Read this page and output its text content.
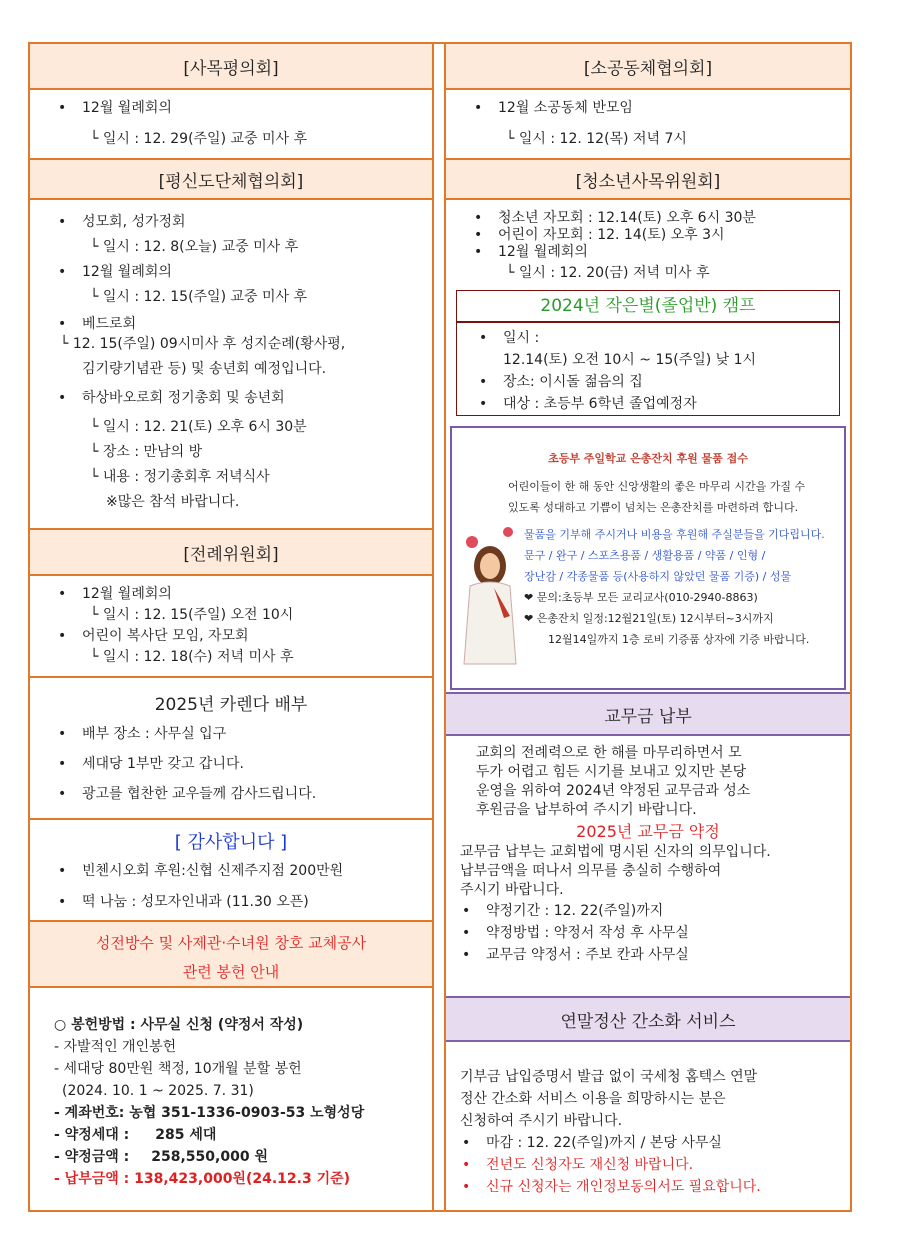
[사목평의회]
• 12월 월례회의
└ 일시 : 12. 29(주일) 교중 미사 후
[평신도단체협의회]
• 성모회, 성가정회
└ 일시 : 12. 8(오늘) 교중 미사 후
• 12월 월례회의
└ 일시 : 12. 15(주일) 교중 미사 후
• 베드로회
└ 12. 15(주일) 09시미사 후 성지순례(황사평,
김기량기념관 등) 및 송년회 예정입니다.
• 하상바오로회 정기총회 및 송년회
└ 일시 : 12. 21(토) 오후 6시 30분
└ 장소 : 만남의 방
└ 내용 : 정기총회후 저녁식사
※많은 참석 바랍니다.
[전례위원회]
• 12월 월례회의
└ 일시 : 12. 15(주일) 오전 10시
• 어린이 복사단 모임, 자모회
└ 일시 : 12. 18(수) 저녁 미사 후
2025년 카렌다 배부
• 배부 장소 : 사무실 입구
• 세대당 1부만 갖고 갑니다.
• 광고를 협찬한 교우들께 감사드립니다.
[ 감사합니다 ]
• 빈첸시오회 후원:신협 신제주지점 200만원
• 떡 나눔 : 성모자인내과 (11.30 오픈)
성전방수 및 사제관·수녀원 창호 교체공사
관련 봉헌 안내
○ 봉헌방법 : 사무실 신청 (약정서 작성)
- 자발적인 개인봉헌
- 세대당 80만원 책정, 10개월 분할 봉헌
(2024. 10. 1 ~ 2025. 7. 31)
- 계좌번호: 농협 351-1336-0903-53 노형성당
- 약정세대 : 285 세대
- 약정금액 : 258,550,000 원
- 납부금액 : 138,423,000원(24.12.3 기준)
[소공동체협의회]
• 12월 소공동체 반모임
└ 일시 : 12. 12(목) 저녁 7시
[청소년사목위원회]
• 청소년 자모회 : 12.14(토) 오후 6시 30분
• 어린이 자모회 : 12. 14(토) 오후 3시
• 12월 월례회의
└ 일시 : 12. 20(금) 저녁 미사 후
2024년 작은별(졸업반) 캠프
• 일시 :
12.14(토) 오전 10시 ~ 15(주일) 낮 1시
• 장소: 이시돌 젊음의 집
• 대상 : 초등부 6학년 졸업예정자
초등부 주일학교 은총잔치 후원 물품 접수
어린이들이 한 해 동안 신앙생활의 좋은 마무리 시간을 가질 수
있도록 성대하고 기쁨이 넘치는 은총잔치를 마련하려 합니다.
물품을 기부해 주시거나 비용을 후원해 주실분들을 기다립니다.
문구 / 완구 / 스포츠용품 / 생활용품 / 약품 / 인형 /
장난감 / 각종물품 등(사용하지 않았던 물품 기증) / 성물
❤ 문의:초등부 모든 교리교사(010-2940-8863)
❤ 은총잔치 일정:12월21일(토) 12시부터~3시까지
12월14일까지 1층 로비 기증품 상자에 기증 바랍니다.
교무금 납부
교회의 전례력으로 한 해를 마무리하면서 모
두가 어렵고 힘든 시기를 보내고 있지만 본당
운영을 위하여 2024년 약정된 교무금과 성소
후원금을 납부하여 주시기 바랍니다.
2025년 교무금 약정
교무금 납부는 교회법에 명시된 신자의 의무입니다.
납부금액을 떠나서 의무를 충실히 수행하여
주시기 바랍니다.
• 약정기간 : 12. 22(주일)까지
• 약정방법 : 약정서 작성 후 사무실
• 교무금 약정서 : 주보 칸과 사무실
연말정산 간소화 서비스
기부금 납입증명서 발급 없이 국세청 홈텍스 연말
정산 간소화 서비스 이용을 희망하시는 분은
신청하여 주시기 바랍니다.
• 마감 : 12. 22(주일)까지 / 본당 사무실
• 전년도 신청자도 재신청 바랍니다.
• 신규 신청자는 개인정보동의서도 필요합니다.
